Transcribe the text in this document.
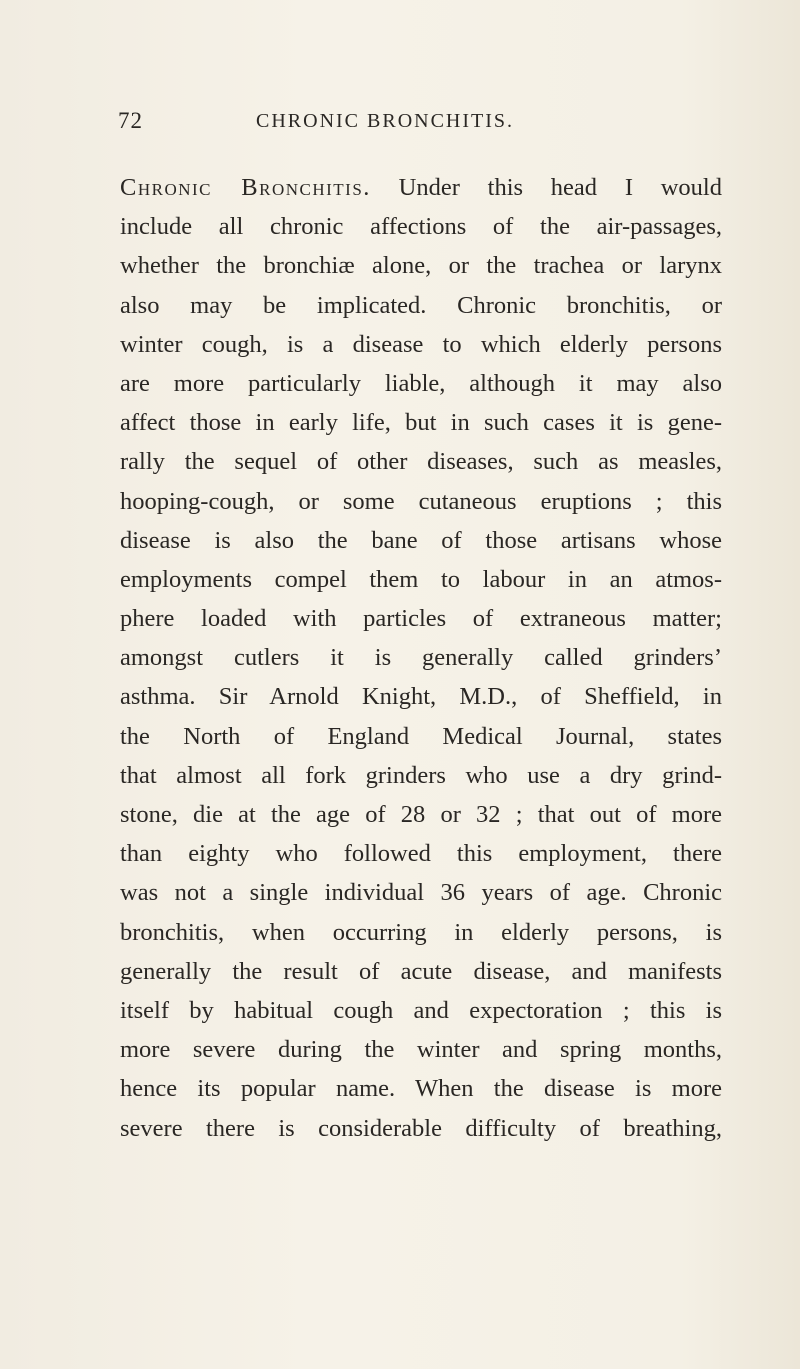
72	CHRONIC BRONCHITIS.
Chronic Bronchitis. Under this head I would
include all chronic affections of the air-passages,
whether the bronchiæ alone, or the trachea or larynx
also may be implicated. Chronic bronchitis, or
winter cough, is a disease to which elderly persons
are more particularly liable, although it may also
affect those in early life, but in such cases it is gene-
rally the sequel of other diseases, such as measles,
hooping-cough, or some cutaneous eruptions ; this
disease is also the bane of those artisans whose
employments compel them to labour in an atmos-
phere loaded with particles of extraneous matter;
amongst cutlers it is generally called grinders’
asthma. Sir Arnold Knight, M.D., of Sheffield, in
the North of England Medical Journal, states
that almost all fork grinders who use a dry grind-
stone, die at the age of 28 or 32 ; that out of more
than eighty who followed this employment, there
was not a single individual 36 years of age. Chronic
bronchitis, when occurring in elderly persons, is
generally the result of acute disease, and manifests
itself by habitual cough and expectoration ; this is
more severe during the winter and spring months,
hence its popular name. When the disease is more
severe there is considerable difficulty of breathing,
